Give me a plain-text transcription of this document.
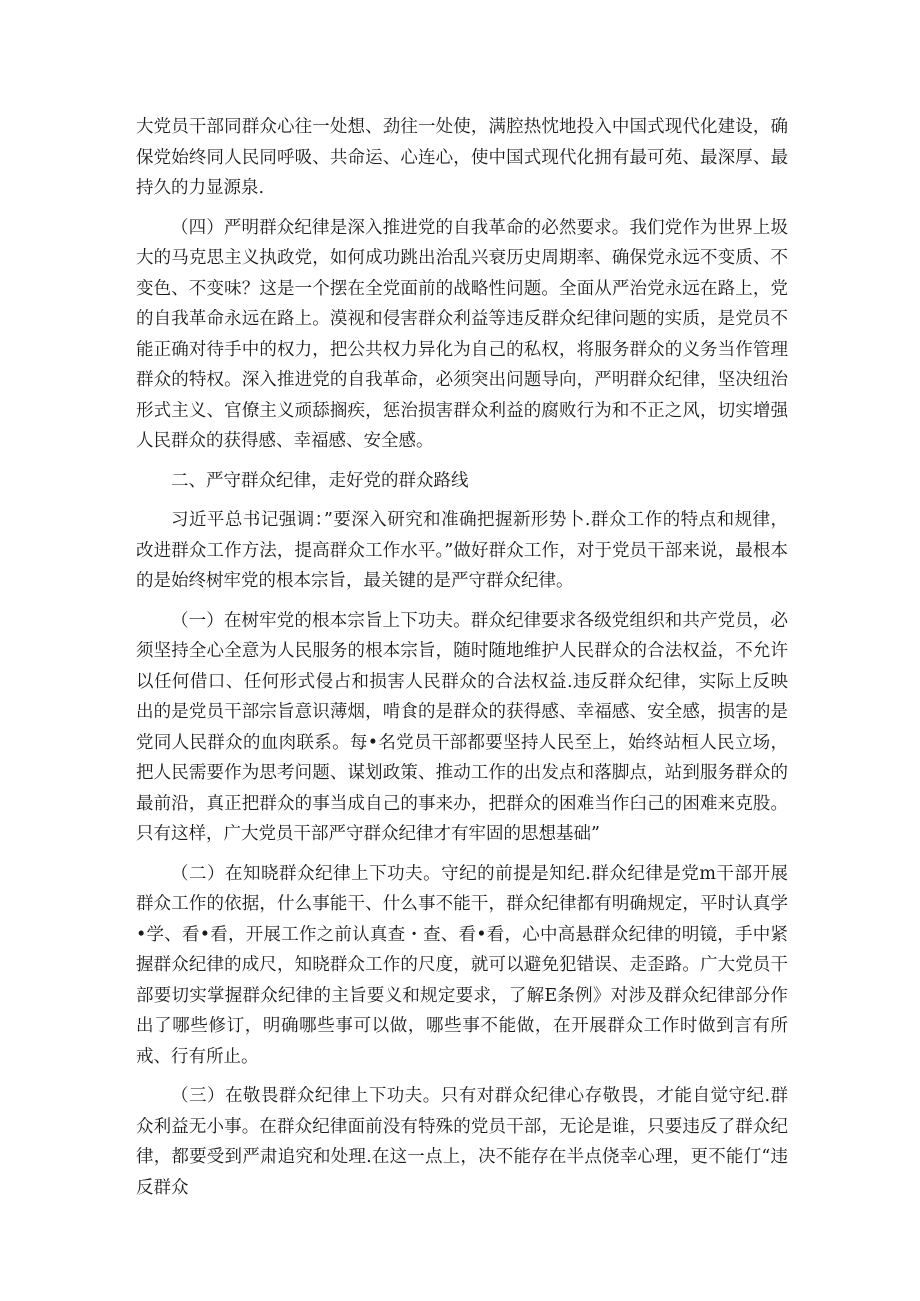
大党员干部同群众心往一处想、劲往一处使，满腔热忱地投入中国式现代化建设，确保党始终同人民同呼吸、共命运、心连心，使中国式现代化拥有最可苑、最深厚、最持久的力显源泉.

（四）严明群众纪律是深入推进党的自我革命的必然要求。我们党作为世界上圾大的马克思主义执政党，如何成功跳出治乱兴衰历史周期率、确保党永远不变质、不变色、不变味？这是一个摆在全党面前的战略性问题。全面从严治党永远在路上，党的自我革命永远在路上。漠视和侵害群众利益等违反群众纪律问题的实质，是党员不能正确对待手中的权力，把公共权力异化为自己的私权，将服务群众的义务当作管理群众的特权。深入推进党的自我革命，必须突出问题导向，严明群众纪律，坚决纽治形式主义、官僚主义顽舔搁疾，惩治损害群众利益的腐败行为和不正之风，切实增强人民群众的获得感、幸福感、安全感。

二、严守群众纪律，走好党的群众路线

习近平总书记强调：”要深入研究和准确把握新形势卜.群众工作的特点和规律，改进群众工作方法，提高群众工作水平。”做好群众工作，对于党员干部来说，最根本的是始终树牢党的根本宗旨，最关键的是严守群众纪律。

（一）在树牢党的根本宗旨上下功夫。群众纪律要求各级党组织和共产党员，必须坚持全心全意为人民服务的根本宗旨，随时随地维护人民群众的合法权益，不允许以任何借口、任何形式侵占和损害人民群众的合法权益.违反群众纪律，实际上反映出的是党员干部宗旨意识薄烟，啃食的是群众的获得感、幸福感、安全感，损害的是党同人民群众的血肉联系。每•名党员干部都要坚持人民至上，始终站桓人民立场，把人民需要作为思考问题、谋划政策、推动工作的出发点和落脚点，站到服务群众的最前沿，真正把群众的事当成自己的事来办，把群众的困难当作臼己的困难来克股。只有这样，广大党员干部严守群众纪律才有牢固的思想基础”

（二）在知晓群众纪律上下功夫。守纪的前提是知纪.群众纪律是党m干部开展群众工作的依据，什么事能干、什么事不能干，群众纪律都有明确规定，平时认真学•学、看•看，开展工作之前认真查・查、看•看，心中高悬群众纪律的明镜，手中紧握群众纪律的成尺，知晓群众工作的尺度，就可以避免犯错误、走歪路。广大党员干部要切实掌握群众纪律的主旨要义和规定要求，了解E条例》对涉及群众纪律部分作出了哪些修订，明确哪些事可以做，哪些事不能做，在开展群众工作时做到言有所戒、行有所止。

（三）在敬畏群众纪律上下功夫。只有对群众纪律心存敬畏，才能自觉守纪.群众利益无小事。在群众纪律面前没有特殊的党员干部，无论是谁，只要违反了群众纪律，都要受到严肃追究和处理.在这一点上，决不能存在半点侥幸心理，更不能仃“违反群众
